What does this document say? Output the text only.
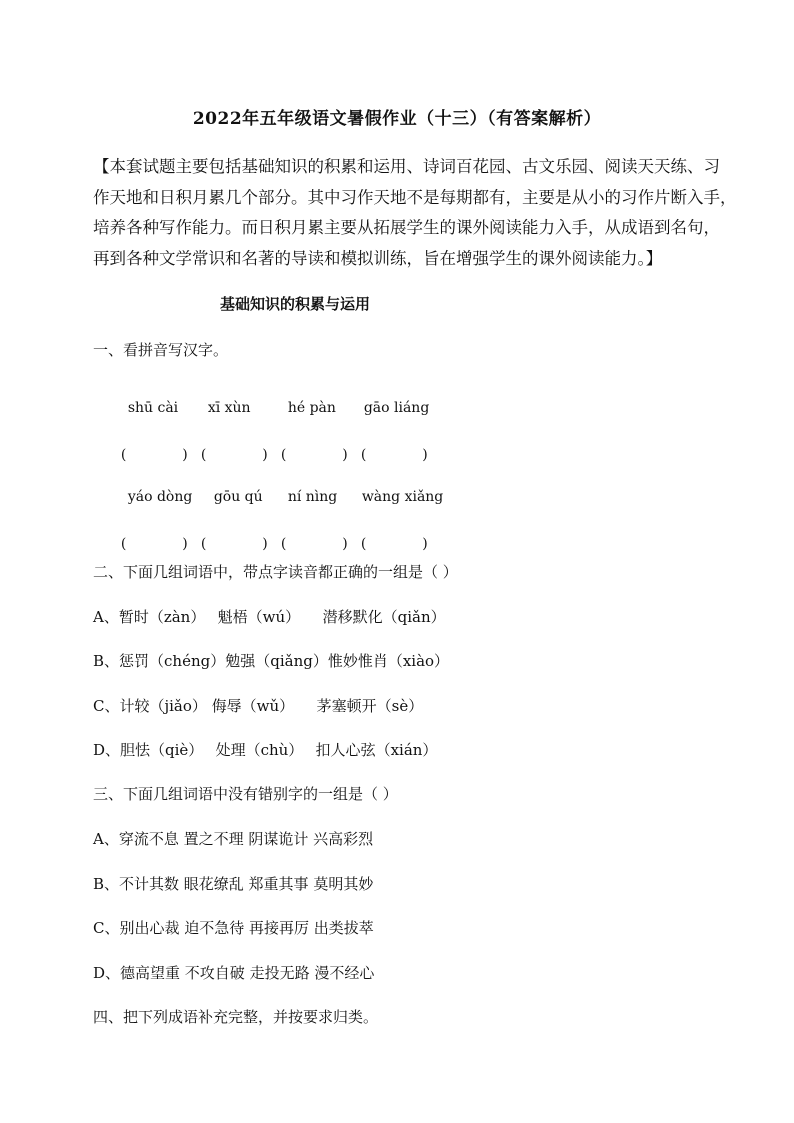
2022年五年级语文暑假作业（十三）（有答案解析）
【本套试题主要包括基础知识的积累和运用、诗词百花园、古文乐园、阅读天天练、习
作天地和日积月累几个部分。其中习作天地不是每期都有，主要是从小的习作片断入手，
培养各种写作能力。而日积月累主要从拓展学生的课外阅读能力入手，从成语到名句，
再到各种文学常识和名著的导读和模拟训练，旨在增强学生的课外阅读能力。】
基础知识的积累与运用
一、看拼音写汉字。

shū cài xī xùn	hé pàn gāo liáng

(　　　　) (　　　　) (　　　　) (　　　　)

yáo dòng gōu qú ní nìng wàng xiǎng

(　　　　) (　　　　) (　　　　) (　　　　)

二、下面几组词语中，带点字读音都正确的一组是（ ）
A、暂时（zàn）　 魁梧（wú）　　潜移默化（qiǎn）
B、惩罚（chéng）勉强（qiǎng）惟妙惟肖（xiào）
C、计较（jiǎo） 侮辱（wǔ）　　茅塞顿开（sè）
D、胆怯（qiè）　 处理（chù）　 扣人心弦（xián）
三、下面几组词语中没有错别字的一组是（ ）
A、穿流不息 置之不理 阴谋诡计 兴高彩烈
B、不计其数 眼花缭乱 郑重其事 莫明其妙
C、别出心裁 迫不急待 再接再厉 出类拔萃
D、德高望重 不攻自破 走投无路 漫不经心
四、把下列成语补充完整，并按要求归类。
